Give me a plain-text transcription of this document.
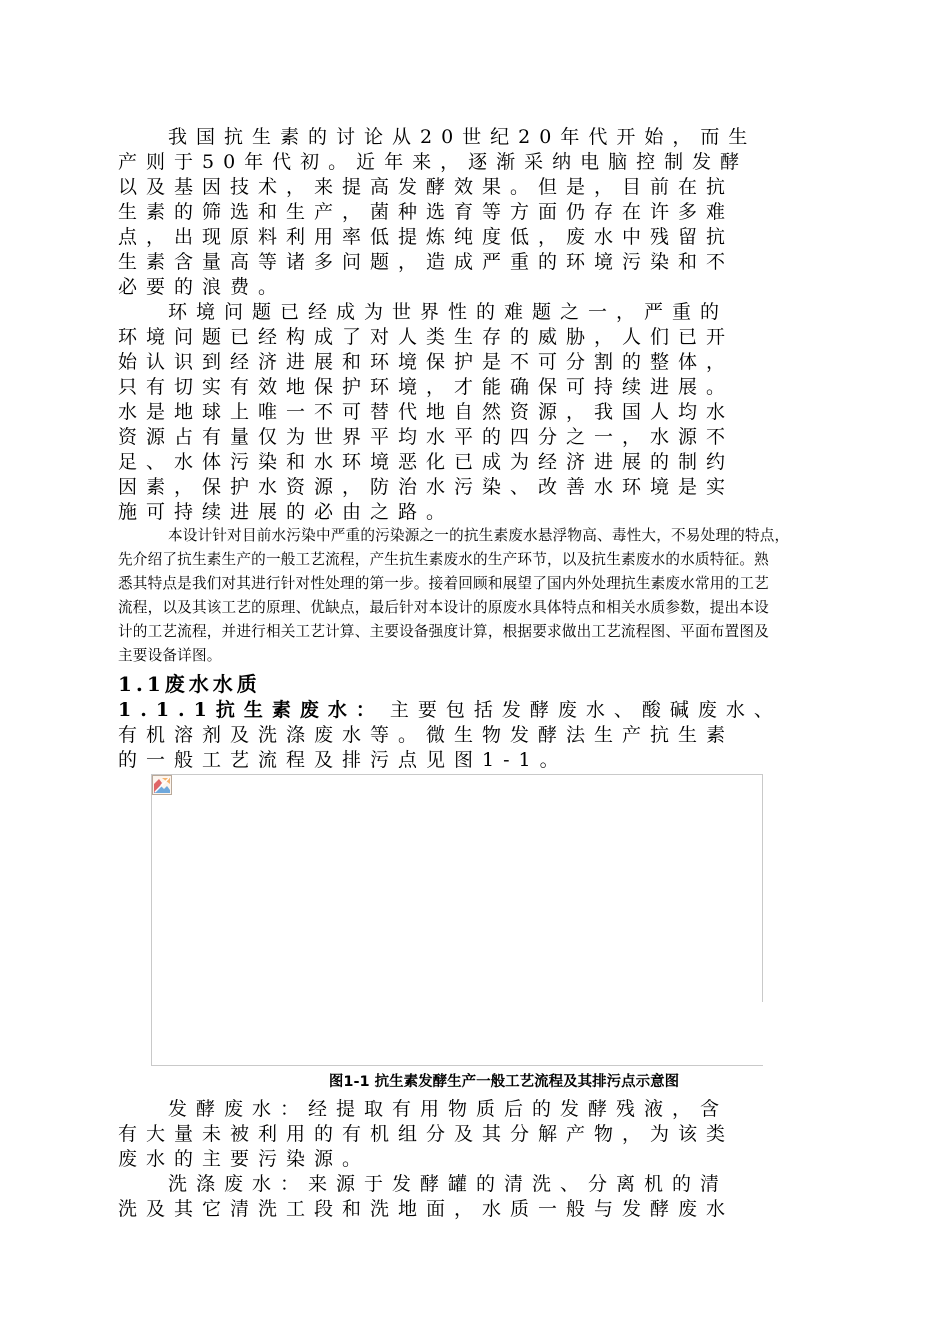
我国抗生素的讨论从20世纪20年代开始，而生
产则于50年代初。近年来，逐渐采纳电脑控制发酵
以及基因技术，来提高发酵效果。但是，目前在抗
生素的筛选和生产，菌种选育等方面仍存在许多难
点，出现原料利用率低提炼纯度低，废水中残留抗
生素含量高等诸多问题，造成严重的环境污染和不
必要的浪费。
环境问题已经成为世界性的难题之一，严重的
环境问题已经构成了对人类生存的威胁，人们已开
始认识到经济进展和环境保护是不可分割的整体，
只有切实有效地保护环境，才能确保可持续进展。
水是地球上唯一不可替代地自然资源，我国人均水
资源占有量仅为世界平均水平的四分之一，水源不
足、水体污染和水环境恶化已成为经济进展的制约
因素，保护水资源，防治水污染、改善水环境是实
施可持续进展的必由之路。
本设计针对目前水污染中严重的污染源之一的抗生素废水悬浮物高、毒性大，不易处理的特点，
先介绍了抗生素生产的一般工艺流程，产生抗生素废水的生产环节，以及抗生素废水的水质特征。熟
悉其特点是我们对其进行针对性处理的第一步。接着回顾和展望了国内外处理抗生素废水常用的工艺
流程，以及其该工艺的原理、优缺点，最后针对本设计的原废水具体特点和相关水质参数，提出本设
计的工艺流程，并进行相关工艺计算、主要设备强度计算，根据要求做出工艺流程图、平面布置图及
主要设备详图。
1.1废水水质
1.1.1抗生素废水： 主要包括发酵废水、酸碱废水、
有机溶剂及洗涤废水等。微生物发酵法生产抗生素
的一般工艺流程及排污点见图1-1。
图1-1 抗生素发酵生产一般工艺流程及其排污点示意图
发酵废水：经提取有用物质后的发酵残液，含
有大量未被利用的有机组分及其分解产物，为该类
废水的主要污染源。
洗涤废水：来源于发酵罐的清洗、分离机的清
洗及其它清洗工段和洗地面，水质一般与发酵废水
